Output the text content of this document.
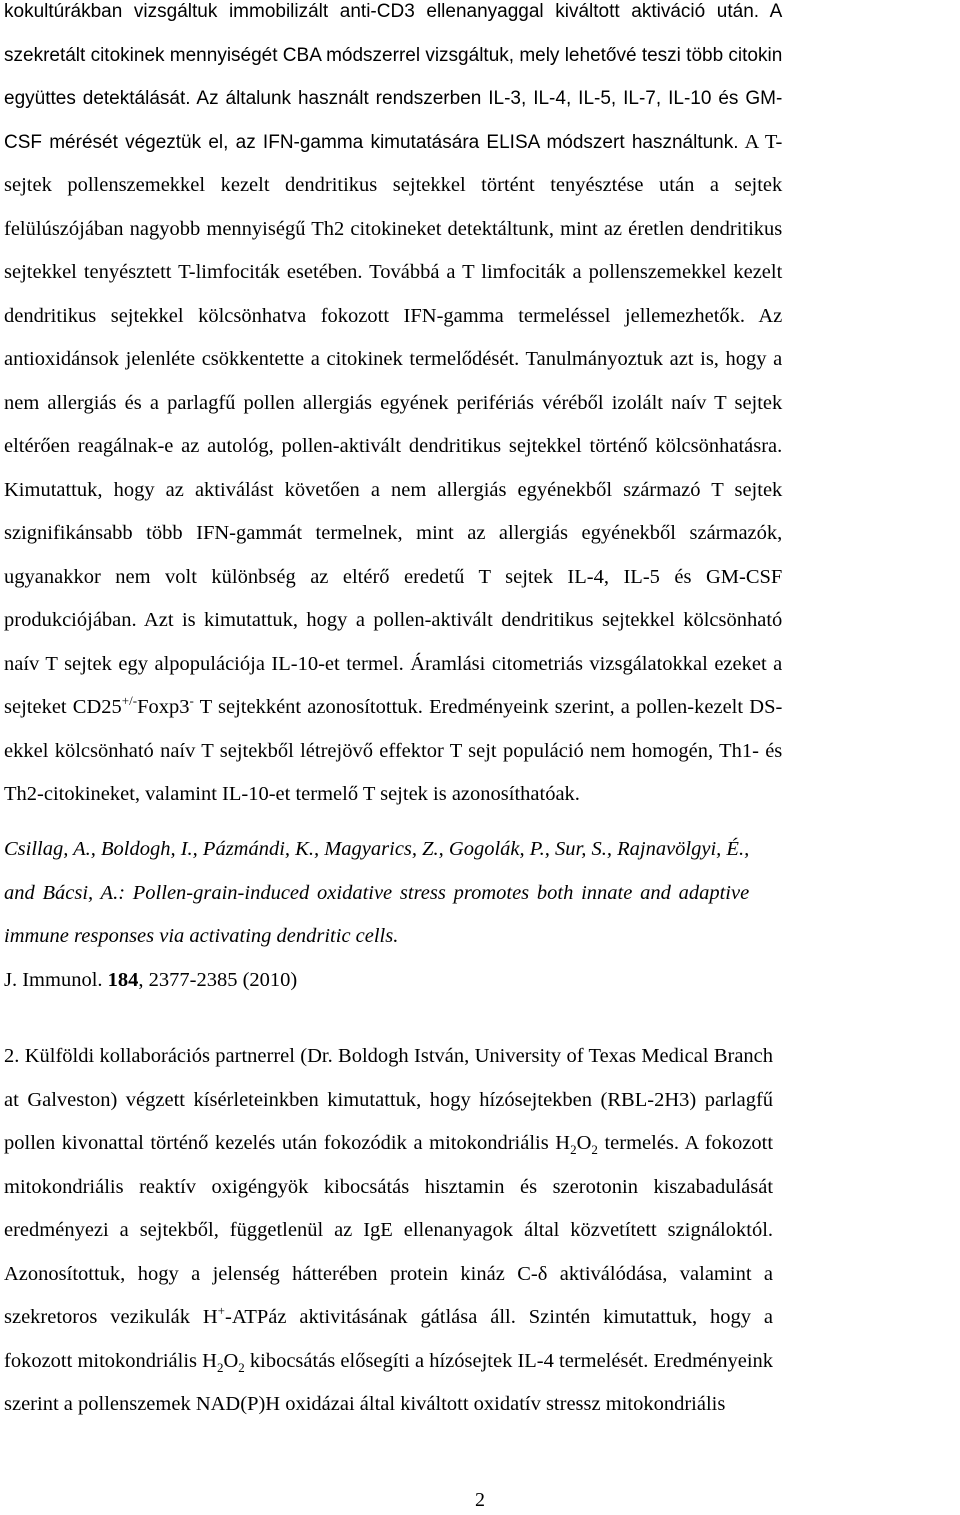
kokultúrákban vizsgáltuk immobilizált anti-CD3 ellenanyaggal kiváltott aktiváció után. A
szekretált citokinek mennyiségét CBA módszerrel vizsgáltuk, mely lehetővé teszi több citokin
együttes detektálását. Az általunk használt rendszerben IL-3, IL-4, IL-5, IL-7, IL-10 és GM-
CSF mérését végeztük el, az IFN-gamma kimutatására ELISA módszert használtunk. A T-
sejtek pollenszemekkel kezelt dendritikus sejtekkel történt tenyésztése után a sejtek
felülúszójában nagyobb mennyiségű Th2 citokineket detektáltunk, mint az éretlen dendritikus
sejtekkel tenyésztett T-limfociták esetében. Továbbá a T limfociták a pollenszemekkel kezelt
dendritikus sejtekkel kölcsönhatva fokozott IFN-gamma termeléssel jellemezhetők. Az
antioxidánsok jelenléte csökkentette a citokinek termelődését. Tanulmányoztuk azt is, hogy a
nem allergiás és a parlagfű pollen allergiás egyének perifériás véréből izolált naív T sejtek
eltérően reagálnak-e az autológ, pollen-aktivált dendritikus sejtekkel történő kölcsönhatásra.
Kimutattuk, hogy az aktiválást követően a nem allergiás egyénekből származó T sejtek
szignifikánsabb több IFN-gammát termelnek, mint az allergiás egyénekből származók,
ugyanakkor nem volt különbség az eltérő eredetű T sejtek IL-4, IL-5 és GM-CSF
produkciójában. Azt is kimutattuk, hogy a pollen-aktivált dendritikus sejtekkel kölcsönható
naív T sejtek egy alpopulációja IL-10-et termel. Áramlási citometriás vizsgálatokkal ezeket a
sejteket CD25+/-Foxp3- T sejtekként azonosítottuk. Eredményeink szerint, a pollen-kezelt DS-
ekkel kölcsönható naív T sejtekből létrejövő effektor T sejt populáció nem homogén, Th1- és
Th2-citokineket, valamint IL-10-et termelő T sejtek is azonosíthatóak.
Csillag, A., Boldogh, I., Pázmándi, K., Magyarics, Z., Gogolák, P., Sur, S., Rajnavölgyi, É.,
and Bácsi, A.: Pollen-grain-induced oxidative stress promotes both innate and adaptive
immune responses via activating dendritic cells.
J. Immunol. 184, 2377-2385 (2010)
2. Külföldi kollaborációs partnerrel (Dr. Boldogh István, University of Texas Medical Branch
at Galveston) végzett kísérleteinkben kimutattuk, hogy hízósejtekben (RBL-2H3) parlagfű
pollen kivonattal történő kezelés után fokozódik a mitokondriális $H_2O_2$ termelés. A fokozott
mitokondriális reaktív oxigéngyök kibocsátás hisztamin és szerotonin kiszabadulását
eredményezi a sejtekből, függetlenül az IgE ellenanyagok által közvetített szignáloktól.
Azonosítottuk, hogy a jelenség hátterében protein kináz C-δ aktiválódása, valamint a
szekretoros vezikulák H+-ATPáz aktivitásának gátlása áll. Szintén kimutattuk, hogy a
fokozott mitokondriális $H_2O_2$ kibocsátás elősegíti a hízósejtek IL-4 termelését. Eredményeink
szerint a pollenszemek NAD(P)H oxidázai által kiváltott oxidatív stressz mitokondriális
2
